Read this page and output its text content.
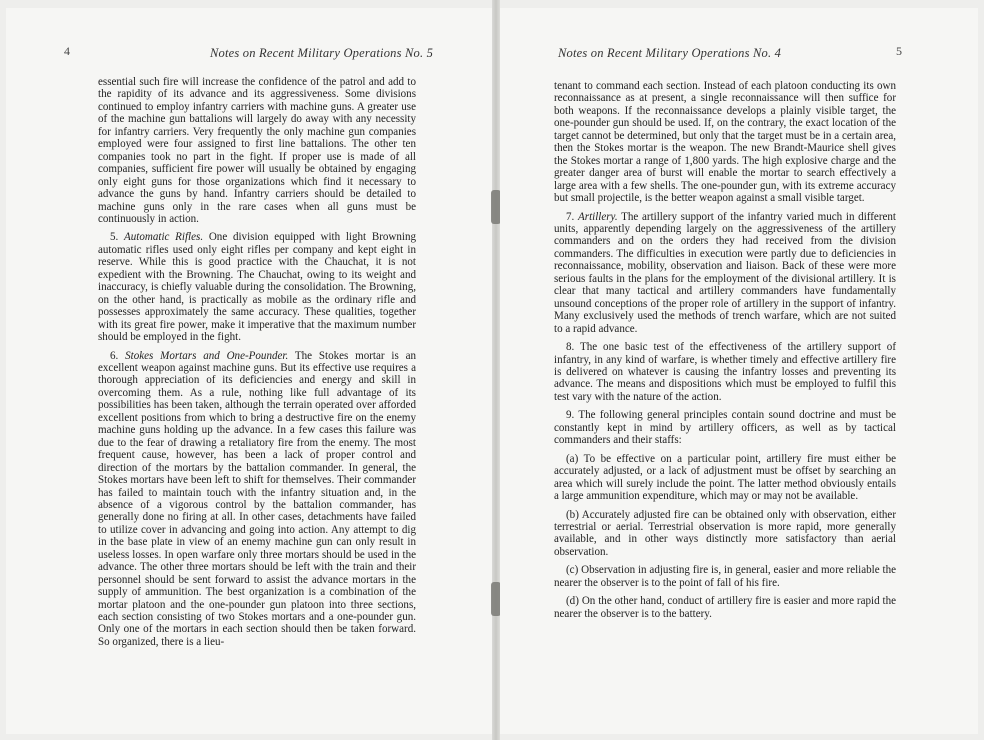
4	Notes on Recent Military Operations No. 5

essential such fire will increase the confidence of the patrol and add to the rapidity of its advance and its aggressiveness. Some divisions continued to employ infantry carriers with machine guns. A greater use of the machine gun battalions will largely do away with any necessity for infantry carriers. Very frequently the only machine gun companies employed were four assigned to first line battalions. The other ten companies took no part in the fight. If proper use is made of all companies, sufficient fire power will usually be obtained by engaging only eight guns for those organizations which find it necessary to advance the guns by hand. Infantry carriers should be detailed to machine guns only in the rare cases when all guns must be continuously in action.

5. Automatic Rifles. One division equipped with light Browning automatic rifles used only eight rifles per company and kept eight in reserve. While this is good practice with the Chauchat, it is not expedient with the Browning. The Chauchat, owing to its weight and inaccuracy, is chiefly valuable during the consolidation. The Browning, on the other hand, is practically as mobile as the ordinary rifle and possesses approximately the same accuracy. These qualities, together with its great fire power, make it imperative that the maximum number should be employed in the fight.

6. Stokes Mortars and One-Pounder. The Stokes mortar is an excellent weapon against machine guns. But its effective use requires a thorough appreciation of its deficiencies and energy and skill in overcoming them. As a rule, nothing like full advantage of its possibilities has been taken, although the terrain operated over afforded excellent positions from which to bring a destructive fire on the enemy machine guns holding up the advance. In a few cases this failure was due to the fear of drawing a retaliatory fire from the enemy. The most frequent cause, however, has been a lack of proper control and direction of the mortars by the battalion commander. In general, the Stokes mortars have been left to shift for themselves. Their commander has failed to maintain touch with the infantry situation and, in the absence of a vigorous control by the battalion commander, has generally done no firing at all. In other cases, detachments have failed to utilize cover in advancing and going into action. Any attempt to dig in the base plate in view of an enemy machine gun can only result in useless losses. In open warfare only three mortars should be used in the advance. The other three mortars should be left with the train and their personnel should be sent forward to assist the advance mortars in the supply of ammunition. The best organization is a combination of the mortar platoon and the one-pounder gun platoon into three sections, each section consisting of two Stokes mortars and a one-pounder gun. Only one of the mortars in each section should then be taken forward. So organized, there is a lieu-

Notes on Recent Military Operations No. 4	5

tenant to command each section. Instead of each platoon conducting its own reconnaissance as at present, a single reconnaissance will then suffice for both weapons. If the reconnaissance develops a plainly visible target, the one-pounder gun should be used. If, on the contrary, the exact location of the target cannot be determined, but only that the target must be in a certain area, then the Stokes mortar is the weapon. The new Brandt-Maurice shell gives the Stokes mortar a range of 1,800 yards. The high explosive charge and the greater danger area of burst will enable the mortar to search effectively a large area with a few shells. The one-pounder gun, with its extreme accuracy but small projectile, is the better weapon against a small visible target.

7. Artillery. The artillery support of the infantry varied much in different units, apparently depending largely on the aggressiveness of the artillery commanders and on the orders they had received from the division commanders. The difficulties in execution were partly due to deficiencies in reconnaissance, mobility, observation and liaison. Back of these were more serious faults in the plans for the employment of the divisional artillery. It is clear that many tactical and artillery commanders have fundamentally unsound conceptions of the proper role of artillery in the support of infantry. Many exclusively used the methods of trench warfare, which are not suited to a rapid advance.

8. The one basic test of the effectiveness of the artillery support of infantry, in any kind of warfare, is whether timely and effective artillery fire is delivered on whatever is causing the infantry losses and preventing its advance. The means and dispositions which must be employed to fulfil this test vary with the nature of the action.

9. The following general principles contain sound doctrine and must be constantly kept in mind by artillery officers, as well as by tactical commanders and their staffs:

(a) To be effective on a particular point, artillery fire must either be accurately adjusted, or a lack of adjustment must be offset by searching an area which will surely include the point. The latter method obviously entails a large ammunition expenditure, which may or may not be available.

(b) Accurately adjusted fire can be obtained only with observation, either terrestrial or aerial. Terrestrial observation is more rapid, more generally available, and in other ways distinctly more satisfactory than aerial observation.

(c) Observation in adjusting fire is, in general, easier and more reliable the nearer the observer is to the point of fall of his fire.

(d) On the other hand, conduct of artillery fire is easier and more rapid the nearer the observer is to the battery.
